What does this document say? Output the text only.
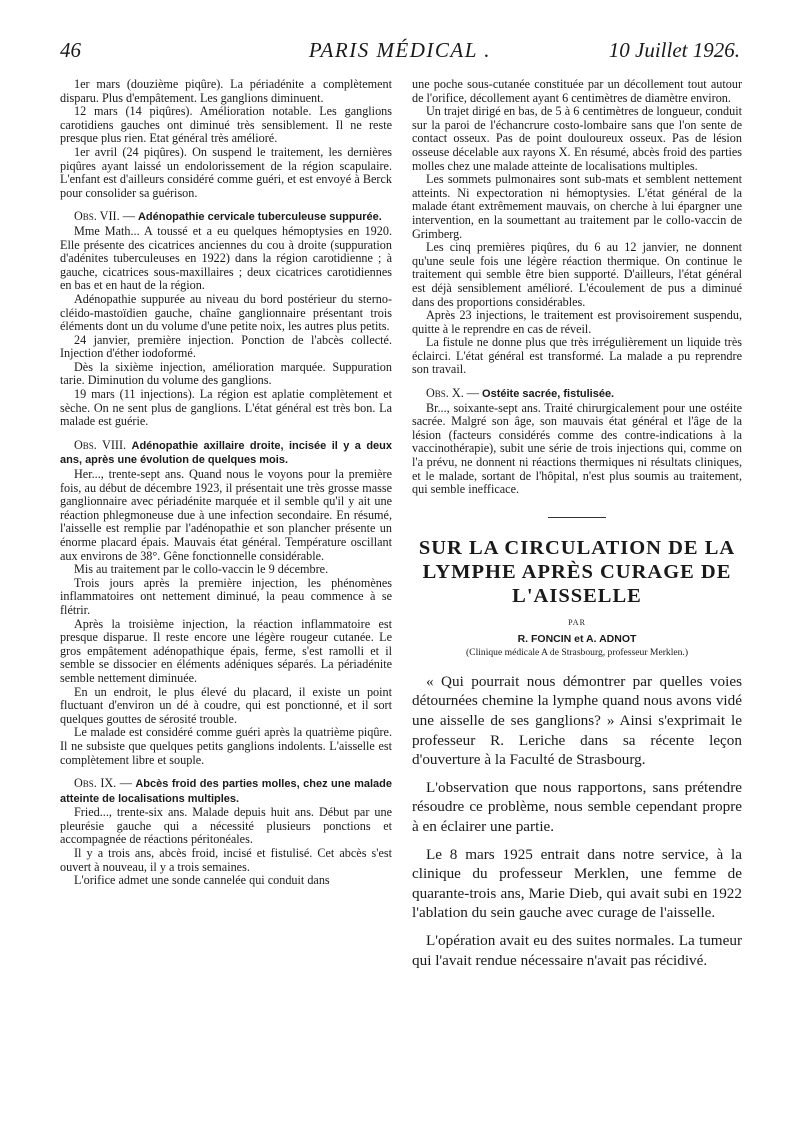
46	PARIS MÉDICAL .	10 Juillet 1926.

1er mars (douzième piqûre). La périadénite a complètement disparu. Plus d'empâtement. Les ganglions diminuent.

12 mars (14 piqûres). Amélioration notable. Les ganglions carotidiens gauches ont diminué très sensiblement. Il ne reste presque plus rien. Etat général très amélioré.

1er avril (24 piqûres). On suspend le traitement, les dernières piqûres ayant laissé un endolorissement de la région scapulaire. L'enfant est d'ailleurs considéré comme guéri, et est envoyé à Berck pour consolider sa guérison.

Obs. VII. — Adénopathie cervicale tuberculeuse suppurée.

Mme Math... A toussé et a eu quelques hémoptysies en 1920. Elle présente des cicatrices anciennes du cou à droite (suppuration d'adénites tuberculeuses en 1922) dans la région carotidienne ; à gauche, cicatrices sous-maxillaires ; deux cicatrices carotidiennes en bas et en haut de la région.

Adénopathie suppurée au niveau du bord postérieur du sterno-cléido-mastoïdien gauche, chaîne ganglionnaire présentant trois éléments dont un du volume d'une petite noix, les autres plus petits.

24 janvier, première injection. Ponction de l'abcès collecté. Injection d'éther iodoformé.

Dès la sixième injection, amélioration marquée. Suppuration tarie. Diminution du volume des ganglions.

19 mars (11 injections). La région est aplatie complètement et sèche. On ne sent plus de ganglions. L'état général est très bon. La malade est guérie.

Obs. VIII. Adénopathie axillaire droite, incisée il y a deux ans, après une évolution de quelques mois.

Her..., trente-sept ans. Quand nous le voyons pour la première fois, au début de décembre 1923, il présentait une très grosse masse ganglionnaire avec périadénite marquée et il semble qu'il y ait une réaction phlegmoneuse due à une infection secondaire. En résumé, l'aisselle est remplie par l'adénopathie et son plancher présente un énorme placard épais. Mauvais état général. Température oscillant aux environs de 38°. Gêne fonctionnelle considérable.

Mis au traitement par le collo-vaccin le 9 décembre.

Trois jours après la première injection, les phénomènes inflammatoires ont nettement diminué, la peau commence à se flétrir.

Après la troisième injection, la réaction inflammatoire est presque disparue. Il reste encore une légère rougeur cutanée. Le gros empâtement adénopathique épais, ferme, s'est ramolli et il semble se dissocier en éléments adéniques séparés. La périadénite semble nettement diminuée.

En un endroit, le plus élevé du placard, il existe un point fluctuant d'environ un dé à coudre, qui est ponctionné, et il sort quelques gouttes de sérosité trouble.

Le malade est considéré comme guéri après la quatrième piqûre. Il ne subsiste que quelques petits ganglions indolents. L'aisselle est complètement libre et souple.

Obs. IX. — Abcès froid des parties molles, chez une malade atteinte de localisations multiples.

Fried..., trente-six ans. Malade depuis huit ans. Début par une pleurésie gauche qui a nécessité plusieurs ponctions et accompagnée de réactions péritonéales.

Il y a trois ans, abcès froid, incisé et fistulisé. Cet abcès s'est ouvert à nouveau, il y a trois semaines.

L'orifice admet une sonde cannelée qui conduit dans

une poche sous-cutanée constituée par un décollement tout autour de l'orifice, décollement ayant 6 centimètres de diamètre environ.

Un trajet dirigé en bas, de 5 à 6 centimètres de longueur, conduit sur la paroi de l'échancrure costo-lombaire sans que l'on sente de contact osseux. Pas de point douloureux osseux. Pas de lésion osseuse décelable aux rayons X. En résumé, abcès froid des parties molles chez une malade atteinte de localisations multiples.

Les sommets pulmonaires sont sub-mats et semblent nettement atteints. Ni expectoration ni hémoptysies. L'état général de la malade étant extrêmement mauvais, on cherche à lui épargner une intervention, en la soumettant au traitement par le collo-vaccin de Grimberg.

Les cinq premières piqûres, du 6 au 12 janvier, ne donnent qu'une seule fois une légère réaction thermique. On continue le traitement qui semble être bien supporté. D'ailleurs, l'état général est déjà sensiblement amélioré. L'écoulement de pus a diminué dans des proportions considérables.

Après 23 injections, le traitement est provisoirement suspendu, quitte à le reprendre en cas de réveil.

La fistule ne donne plus que très irrégulièrement un liquide très éclairci. L'état général est transformé. La malade a pu reprendre son travail.

Obs. X. — Ostéite sacrée, fistulisée.

Br..., soixante-sept ans. Traité chirurgicalement pour une ostéite sacrée. Malgré son âge, son mauvais état général et l'âge de la lésion (facteurs considérés comme des contre-indications à la vaccinothérapie), subit une série de trois injections qui, comme on l'a prévu, ne donnent ni réactions thermiques ni résultats cliniques, et le malade, sortant de l'hôpital, n'est plus soumis au traitement, qui semble inefficace.

SUR LA CIRCULATION DE LA LYMPHE APRÈS CURAGE DE L'AISSELLE
PAR
R. FONCIN et A. ADNOT
(Clinique médicale A de Strasbourg, professeur Merklen.)

« Qui pourrait nous démontrer par quelles voies détournées chemine la lymphe quand nous avons vidé une aisselle de ses ganglions? » Ainsi s'exprimait le professeur R. Leriche dans sa récente leçon d'ouverture à la Faculté de Strasbourg.

L'observation que nous rapportons, sans prétendre résoudre ce problème, nous semble cependant propre à en éclairer une partie.

Le 8 mars 1925 entrait dans notre service, à la clinique du professeur Merklen, une femme de quarante-trois ans, Marie Dieb, qui avait subi en 1922 l'ablation du sein gauche avec curage de l'aisselle.

L'opération avait eu des suites normales. La tumeur qui l'avait rendue nécessaire n'avait pas récidivé.
